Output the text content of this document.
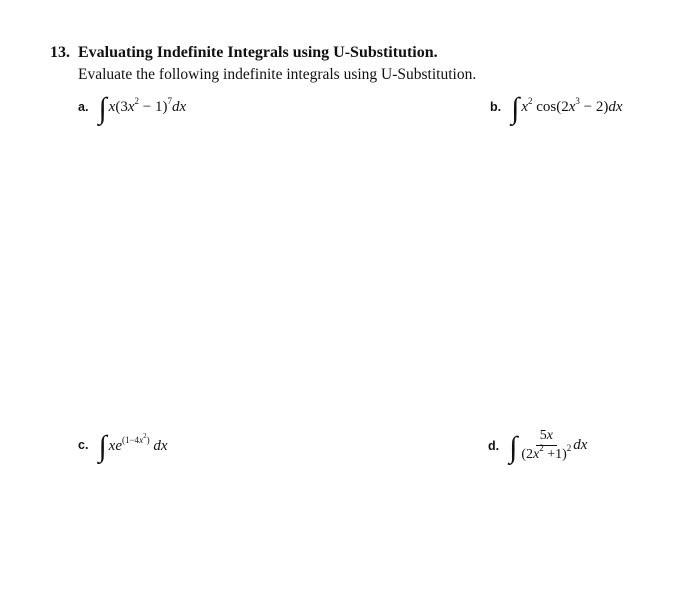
13. Evaluating Indefinite Integrals using U-Substitution.
Evaluate the following indefinite integrals using U-Substitution.
a. ∫ $x(3x^2 - 1)^7dx$	b. ∫ $x^2$ $\cos(2x^3 - 2)dx$
c. ∫ $xe^{(1-4x^2)}$ dx	d. ∫ $\frac{5x}{(2x^2 +1)^2}$ dx
